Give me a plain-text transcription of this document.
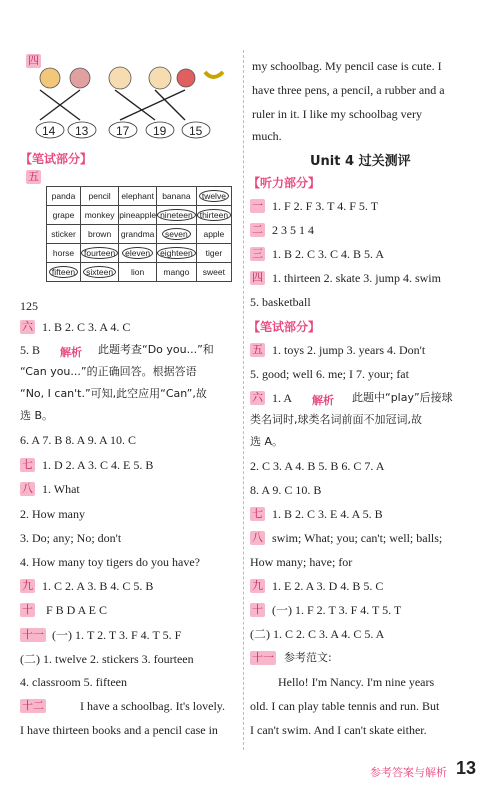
四
14 13 17 19 15
【笔试部分】
五
panda	pencil	elephant	banana	twelve
grape	monkey	pineapple	nineteen	thirteen
sticker	brown	grandma	seven	apple
horse	fourteen	eleven	eighteen	tiger
fifteen	sixteen	lion	mango	sweet
125
六 1. B 2. C 3. A 4. C
5. B 解析 此题考查“Do you...”和
“Can you...”的正确回答。根据答语
“No, I can't.”可知,此空应用“Can”,故
选 B。
6. A 7. B 8. A 9. A 10. C
七 1. D 2. A 3. C 4. E 5. B
八 1. What
2. How many
3. Do; any; No; don't
4. How many toy tigers do you have?
九 1. C 2. A 3. B 4. C 5. B
十 F B D A E C
十一 (一) 1. T 2. T 3. F 4. T 5. F
(二) 1. twelve 2. stickers 3. fourteen
4. classroom 5. fifteen
十二	I have a schoolbag. It's lovely.
I have thirteen books and a pencil case in
my schoolbag. My pencil case is cute. I
have three pens, a pencil, a rubber and a
ruler in it. I like my schoolbag very
much.
Unit 4 过关测评
【听力部分】
一 1. F 2. F 3. T 4. F 5. T
二 2 3 5 1 4
三 1. B 2. C 3. C 4. B 5. A
四 1. thirteen 2. skate 3. jump 4. swim
5. basketball
【笔试部分】
五 1. toys 2. jump 3. years 4. Don't
5. good; well 6. me; I 7. your; fat
六 1. A 解析 此题中“play”后接球
类名词时,球类名词前面不加冠词,故
选 A。
2. C 3. A 4. B 5. B 6. C 7. A
8. A 9. C 10. B
七 1. B 2. C 3. E 4. A 5. B
八 swim; What; you; can't; well; balls;
How many; have; for
九 1. E 2. A 3. D 4. B 5. C
十 (一) 1. F 2. T 3. F 4. T 5. T
(二) 1. C 2. C 3. A 4. C 5. A
十一 参考范文:
Hello! I'm Nancy. I'm nine years
old. I can play table tennis and run. But
I can't swim. And I can't skate either.
参考答案与解析 13
